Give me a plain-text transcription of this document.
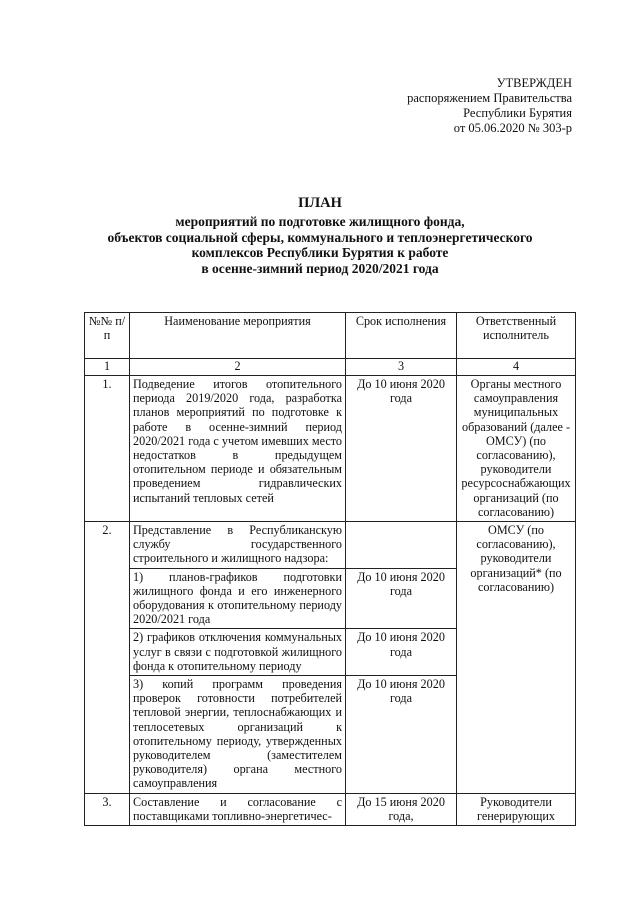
УТВЕРЖДЕН
распоряжением Правительства
Республики Бурятия
от 05.06.2020 № 303-р
ПЛАН
мероприятий по подготовке жилищного фонда,
объектов социальной сферы, коммунального и теплоэнергетического
комплексов Республики Бурятия к работе
в осенне-зимний период 2020/2021 года
№№ п/п	Наименование мероприятия	Срок исполнения	Ответственный исполнитель
1	2	3	4
1.	Подведение итогов отопительного периода 2019/2020 года, разработка планов мероприятий по подготовке к работе в осенне-зимний период 2020/2021 года с учетом имевших место недостатков в предыдущем отопительном периоде и обязательным проведением гидравлических испытаний тепловых сетей	До 10 июня 2020 года	Органы местного самоуправления муниципальных образований (далее - ОМСУ) (по согласованию), руководители ресурсоснабжающих организаций (по согласованию)
2.	Представление в Республиканскую службу государственного строительного и жилищного надзора:		ОМСУ (по согласованию), руководители организаций* (по согласованию)
	1) планов-графиков подготовки жилищного фонда и его инженерного оборудования к отопительному периоду 2020/2021 года	До 10 июня 2020 года	
	2) графиков отключения коммунальных услуг в связи с подготовкой жилищного фонда к отопительному периоду	До 10 июня 2020 года	
	3) копий программ проведения проверок готовности потребителей тепловой энергии, теплоснабжающих и теплосетевых организаций к отопительному периоду, утвержденных руководителем (заместителем руководителя) органа местного самоуправления	До 10 июня 2020 года	
3.	Составление и согласование с поставщиками топливно-энергетичес-	До 15 июня 2020 года,	Руководители генерирующих
